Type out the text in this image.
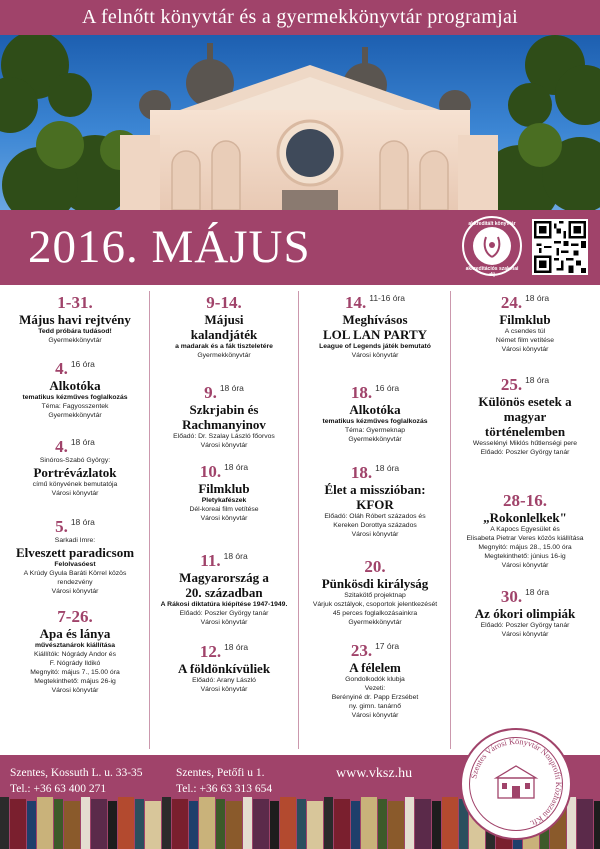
A felnőtt könyvtár és a gyermekkönyvtár programjai
2016. MÁJUS	akkreditált könyvtár
akkreditációs szakmai díj
1-31.
Május havi rejtvény
Tedd próbára tudásod!
Gyermekkönyvtár
4. $^{16 óra}$
Alkotóka
tematikus kézműves foglalkozás
Téma: Fagyosszentek
Gyermekkönyvtár
4. $^{18 óra}$
Sinóros-Szabó György:
Portrévázlatok
című könyvének bemutatója
Városi könyvtár
5. $^{18 óra}$
Sarkadi Imre:
Elveszett paradicsom
Felolvasóest
A Krúdy Gyula Baráti Körrel közös
rendezvény
Városi könyvtár
7-26.
Apa és lánya
művésztanárok kiállítása
Kiállítók: Nógrády Andor és
F. Nógrády Ildikó
Megnyitó: május 7., 15.00 óra
Megtekinthető: május 26-ig
Városi könyvtár
9-14.
Májusi
kalandjáték
a madarak és a fák tiszteletére
Gyermekkönyvtár
9. $^{18 óra}$
Szkrjabin és
Rachmanyinov
Előadó: Dr. Szalay László főorvos
Városi könyvtár
10. $^{18 óra}$
Filmklub
Pletykafészek
Dél-koreai film vetítése
Városi könyvtár
11. $^{18 óra}$
Magyarország a
20. században
A Rákosi diktatúra kiépítése 1947-1949.
Előadó: Poszler György tanár
Városi könyvtár
12. $^{18 óra}$
A földönkívüliek
Előadó: Arany László
Városi könyvtár
14. $^{11-16 óra}$
Meghívásos
LOL LAN PARTY
League of Legends játék bemutató
Városi könyvtár
18. $^{16 óra}$
Alkotóka
tematikus kézműves foglalkozás
Téma: Gyermeknap
Gyermekkönyvtár
18. $^{18 óra}$
Élet a misszióban:
KFOR
Előadó: Oláh Róbert százados és
Kereken Dorottya százados
Városi könyvtár
20.
Pünkösdi királyság
Szitakötő projektnap
Várjuk osztályok, csoportok jelentkezését
45 perces foglalkozásainkra
Gyermekkönyvtár
23. $^{17 óra}$
A félelem
Gondolkodók klubja
Vezeti:
Berényiné dr. Papp Erzsébet
ny. gimn. tanárnő
Városi könyvtár
24. $^{18 óra}$
Filmklub
A csendes túl
Német film vetítése
Városi könyvtár
25. $^{18 óra}$
Különös esetek a
magyar
történelemben
Wesselényi Miklós hűtlenségi pere
Előadó: Poszler György tanár
28-16.
„Rokonlelkek"
A Kapocs Egyesület és
Elisabeta Pietrar Veres közös kiállítása
Megnyitó: május 28., 15.00 óra
Megtekinthető: június 16-ig
Városi könyvtár
30. $^{18 óra}$
Az ókori olimpiák
Előadó: Poszler György tanár
Városi könyvtár
Szentes, Kossuth L. u. 33-35
Tel.: +36 63 400 271
Szentes, Petőfi u 1.
Tel.: +36 63 313 654
www.vksz.hu	Szentes Városi Könyvtár Nonprofit Közhasznú Kft.
